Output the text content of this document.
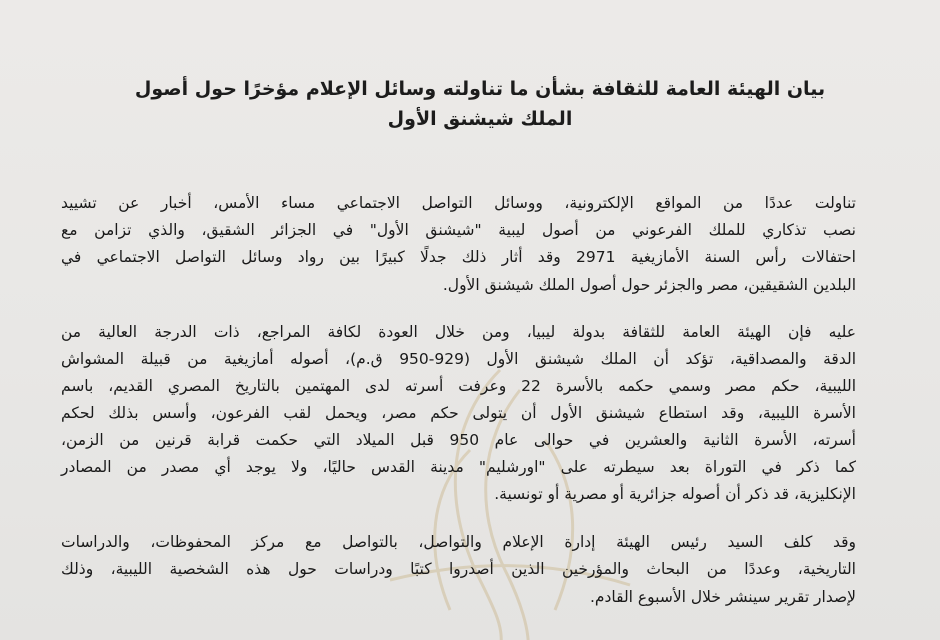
بيان الهيئة العامة للثقافة بشأن ما تناولته وسائل الإعلام مؤخرًا حول أصول
الملك شيشنق الأول
تناولت عددًا من المواقع الإلكترونية، ووسائل التواصل الاجتماعي مساء الأمس، أخبار عن تشييد
نصب تذكاري للملك الفرعوني من أصول ليبية "شيشنق الأول" في الجزائر الشقيق، والذي تزامن مع
احتفالات رأس السنة الأمازيغية 2971 وقد أثار ذلك جدلًا كبيرًا بين رواد وسائل التواصل الاجتماعي في
البلدين الشقيقين، مصر والجزئر حول أصول الملك شيشنق الأول.
عليه فإن الهيئة العامة للثقافة بدولة ليبيا، ومن خلال العودة لكافة المراجع، ذات الدرجة العالية من
الدقة والمصداقية، تؤكد أن الملك شيشنق الأول (929-950 ق.م)، أصوله أمازيغية من قبيلة المشواش
الليبية، حكم مصر وسمي حكمه بالأسرة 22 وعرفت أسرته لدى المهتمين بالتاريخ المصري القديم، باسم
الأسرة الليبية، وقد استطاع شيشنق الأول أن يتولى حكم مصر، ويحمل لقب الفرعون، وأسس بذلك لحكم
أسرته، الأسرة الثانية والعشرين في حوالى عام 950 قبل الميلاد التي حكمت قرابة قرنين من الزمن،
كما ذكر في التوراة بعد سيطرته على "اورشليم" مدينة القدس حاليًا، ولا يوجد أي مصدر من المصادر
الإنكليزية، قد ذكر أن أصوله جزائرية أو مصرية أو تونسية.
وقد كلف السيد رئيس الهيئة إدارة الإعلام والتواصل، بالتواصل مع مركز المحفوظات، والدراسات
التاريخية، وعددًا من البحاث والمؤرخين الذين أصدروا كتبًا ودراسات حول هذه الشخصية الليبية، وذلك
لإصدار تقرير سينشر خلال الأسبوع القادم.
